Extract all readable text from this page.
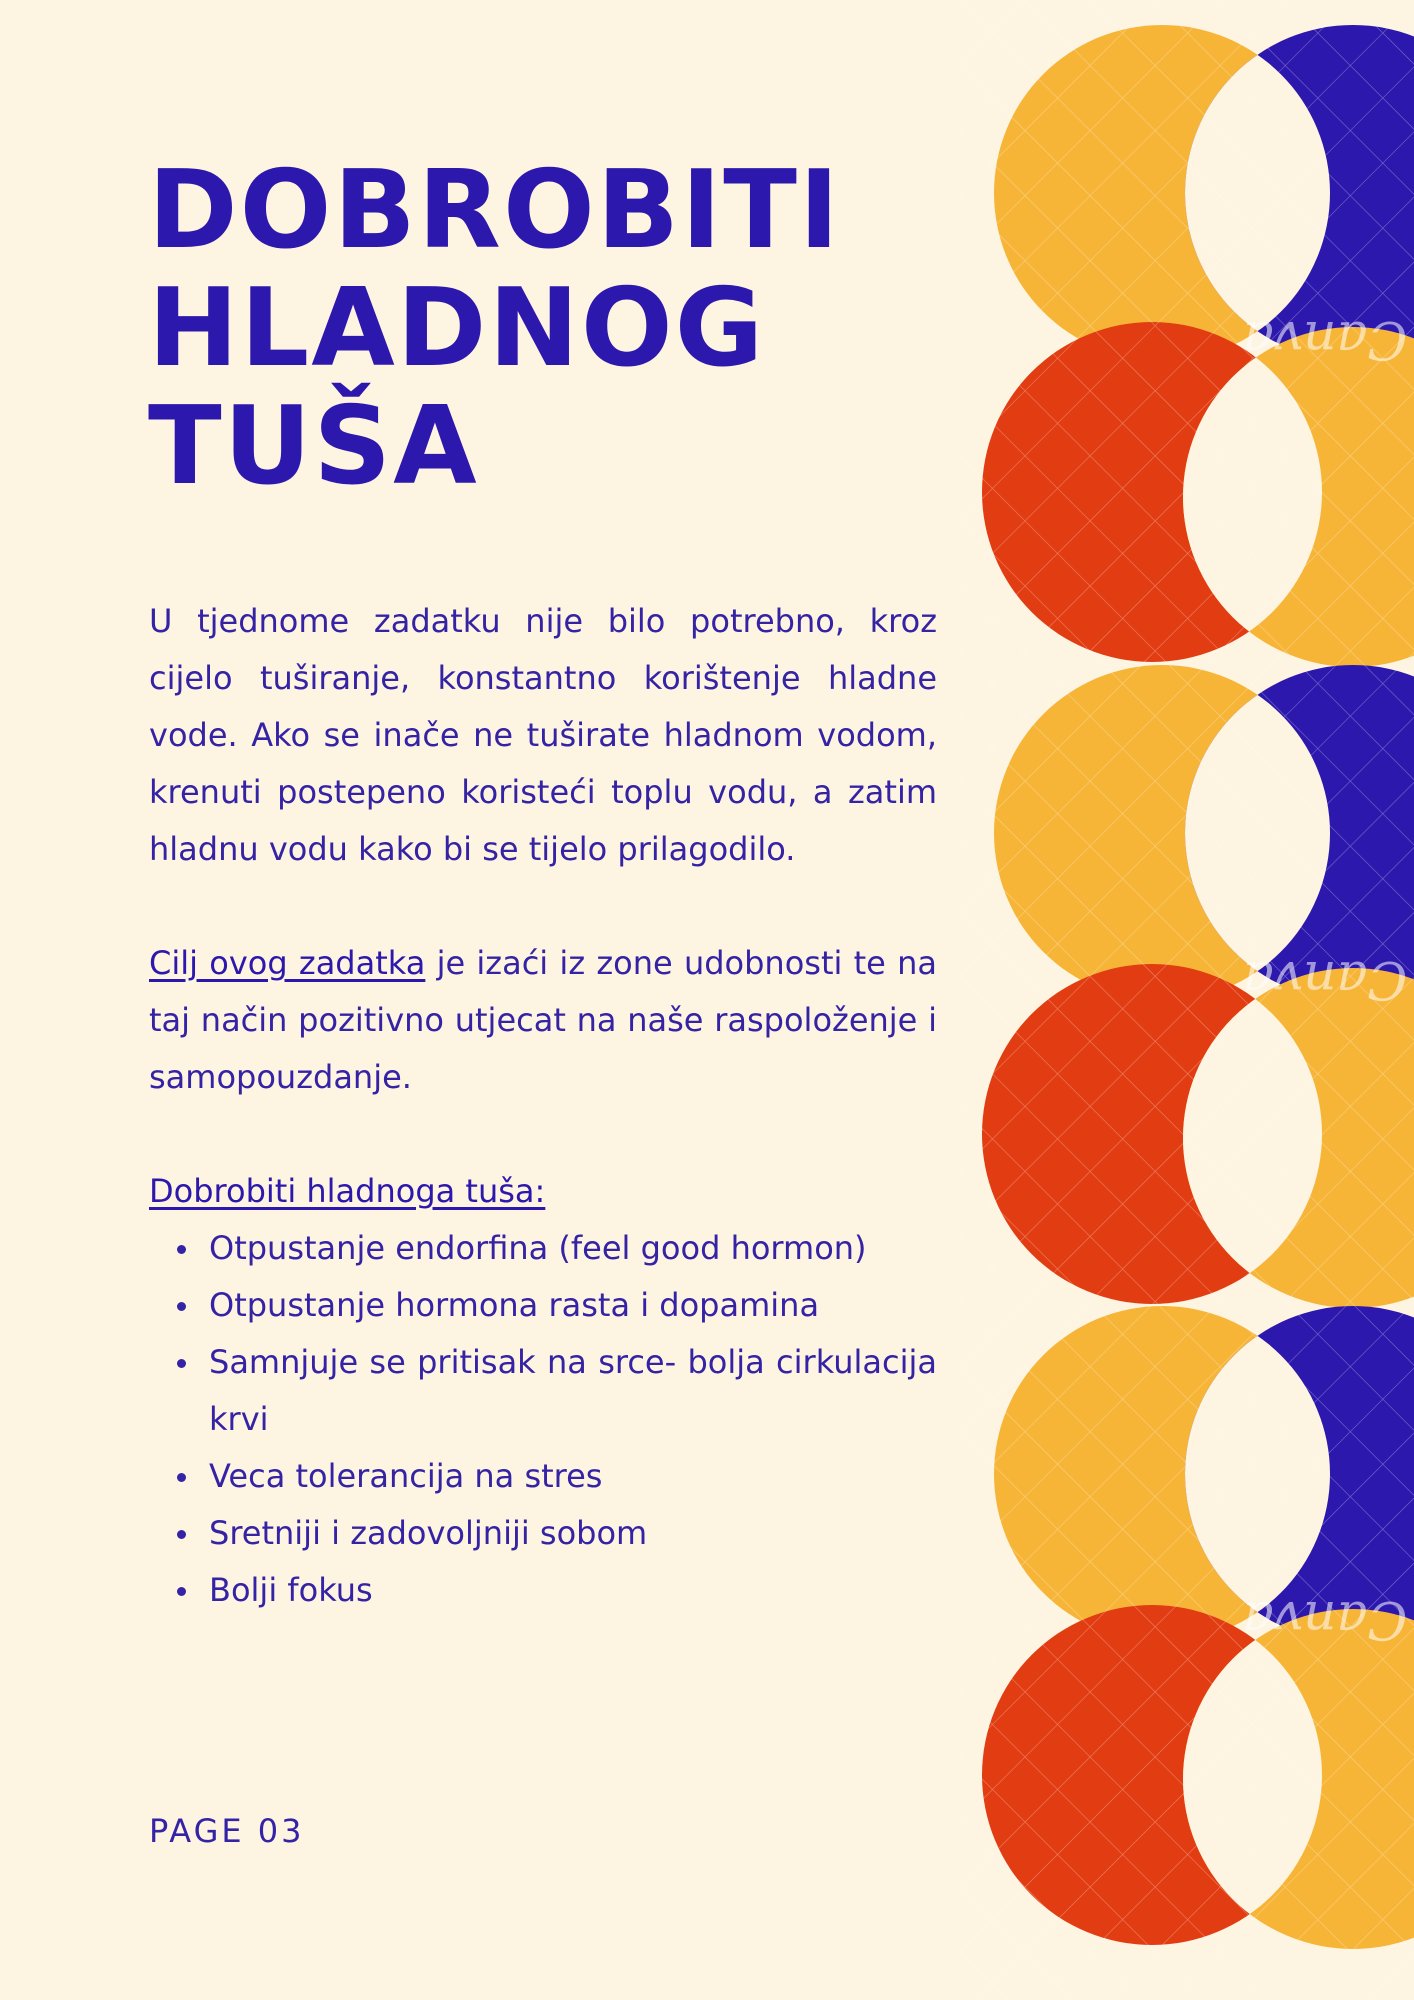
DOBROBITI
HLADNOG
TUŠA

U tjednome zadatku nije bilo potrebno, kroz cijelo tuširanje, konstantno korištenje hladne vode. Ako se inače ne tuširate hladnom vodom, krenuti postepeno koristeći toplu vodu, a zatim hladnu vodu kako bi se tijelo prilagodilo.

Cilj ovog zadatka je izaći iz zone udobnosti te na taj način pozitivno utjecat na naše raspoloženje i samopouzdanje.

Dobrobiti hladnoga tuša:

Otpustanje endorfina (feel good hormon)
Otpustanje hormona rasta i dopamina
Samnjuje se pritisak na srce- bolja cirkulacija krvi
Veca tolerancija na stres
Sretniji i zadovoljniji sobom
Bolji fokus
PAGE 03
Canva
Canva
Canva
